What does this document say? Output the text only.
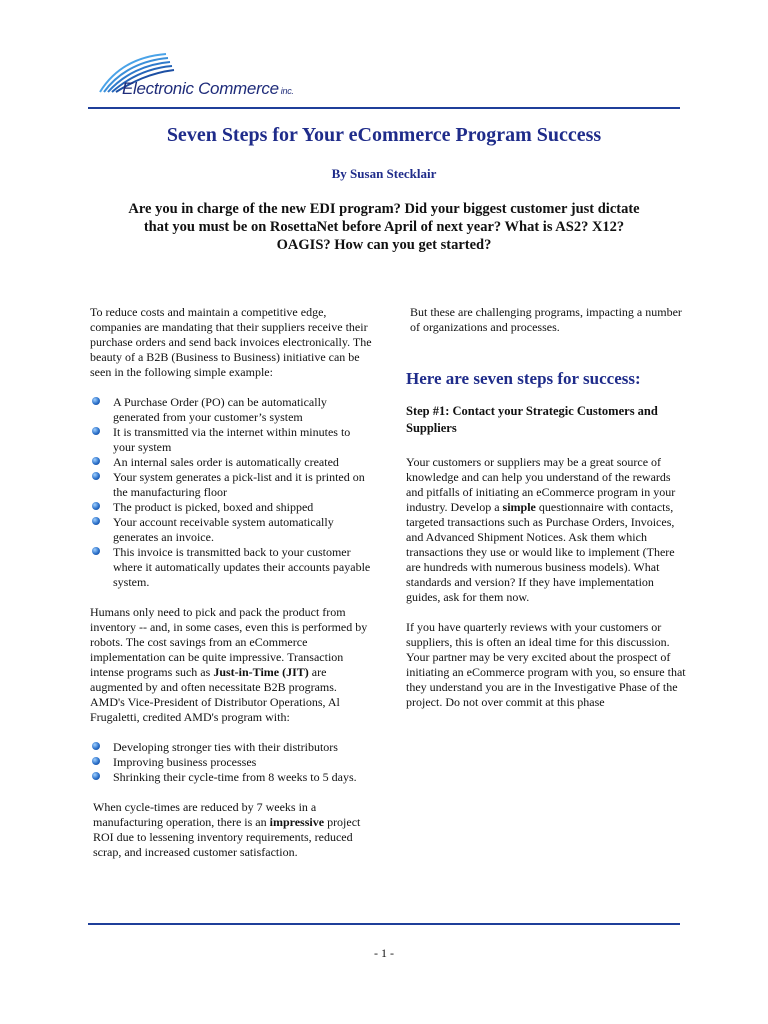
Electronic Commerce inc.
Seven Steps for Your eCommerce Program Success
By Susan Stecklair
Are you in charge of the new EDI program? Did your biggest customer just dictate that you must be on RosettaNet before April of next year? What is AS2? X12? OAGIS? How can you get started?

To reduce costs and maintain a competitive edge, companies are mandating that their suppliers receive their purchase orders and send back invoices electronically. The beauty of a B2B (Business to Business) initiative can be seen in the following simple example:

A Purchase Order (PO) can be automatically generated from your customer’s system
It is transmitted via the internet within minutes to your system
An internal sales order is automatically created
Your system generates a pick-list and it is printed on the manufacturing floor
The product is picked, boxed and shipped
Your account receivable system automatically generates an invoice.
This invoice is transmitted back to your customer where it automatically updates their accounts payable system.

Humans only need to pick and pack the product from inventory -- and, in some cases, even this is performed by robots. The cost savings from an eCommerce implementation can be quite impressive. Transaction intense programs such as Just-in-Time (JIT) are augmented by and often necessitate B2B programs. AMD's Vice-President of Distributor Operations, Al Frugaletti, credited AMD's program with:

Developing stronger ties with their distributors
Improving business processes
Shrinking their cycle-time from 8 weeks to 5 days.

When cycle-times are reduced by 7 weeks in a manufacturing operation, there is an impressive project ROI due to lessening inventory requirements, reduced scrap, and increased customer satisfaction.

But these are challenging programs, impacting a number of organizations and processes.

Here are seven steps for success:

Step #1: Contact your Strategic Customers and Suppliers

Your customers or suppliers may be a great source of knowledge and can help you understand of the rewards and pitfalls of initiating an eCommerce program in your industry. Develop a simple questionnaire with contacts, targeted transactions such as Purchase Orders, Invoices, and Advanced Shipment Notices. Ask them which transactions they use or would like to implement (There are hundreds with numerous business models). What standards and version? If they have implementation guides, ask for them now.

If you have quarterly reviews with your customers or suppliers, this is often an ideal time for this discussion. Your partner may be very excited about the prospect of initiating an eCommerce program with you, so ensure that they understand you are in the Investigative Phase of the project. Do not over commit at this phase

- 1 -
